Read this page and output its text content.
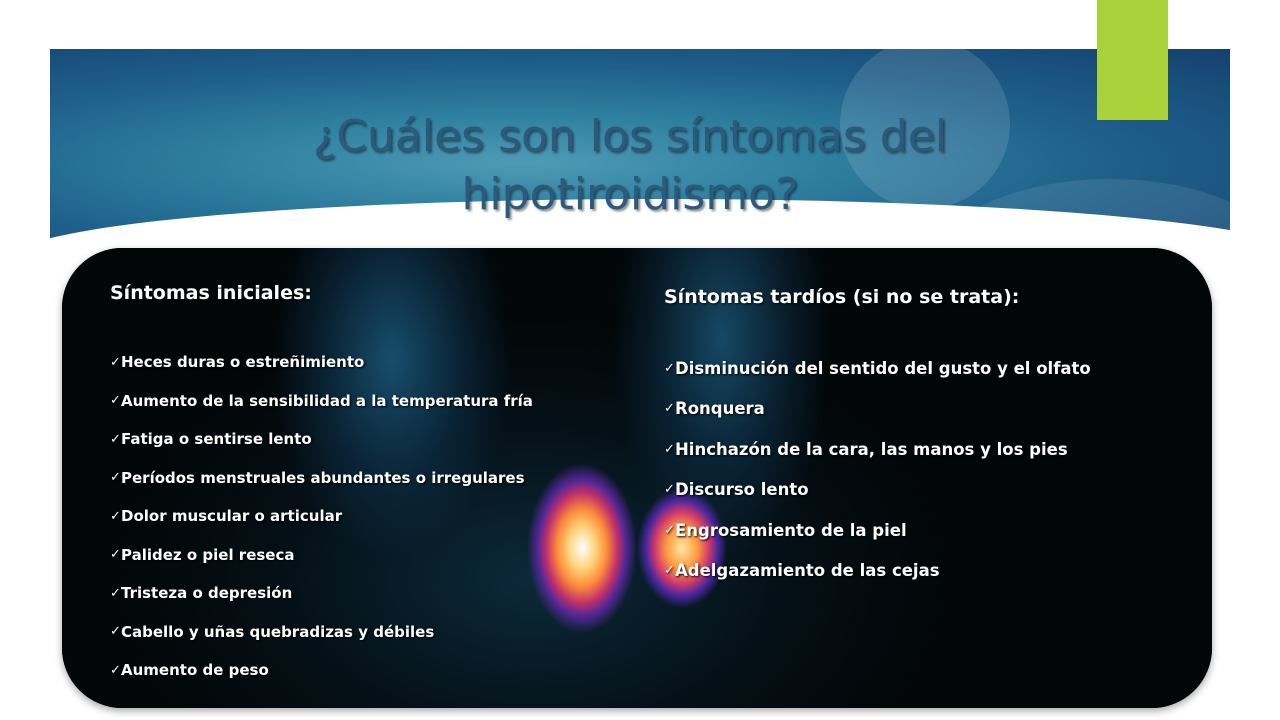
¿Cuáles son los síntomas del
hipotiroidismo?
Síntomas iniciales:
✓ Heces duras o estreñimiento
✓ Aumento de la sensibilidad a la temperatura fría
✓ Fatiga o sentirse lento
✓ Períodos menstruales abundantes o irregulares
✓ Dolor muscular o articular
✓ Palidez o piel reseca
✓ Tristeza o depresión
✓ Cabello y uñas quebradizas y débiles
✓ Aumento de peso
Síntomas tardíos (si no se trata):
✓ Disminución del sentido del gusto y el olfato
✓ Ronquera
✓ Hinchazón de la cara, las manos y los pies
✓ Discurso lento
✓ Engrosamiento de la piel
✓ Adelgazamiento de las cejas
